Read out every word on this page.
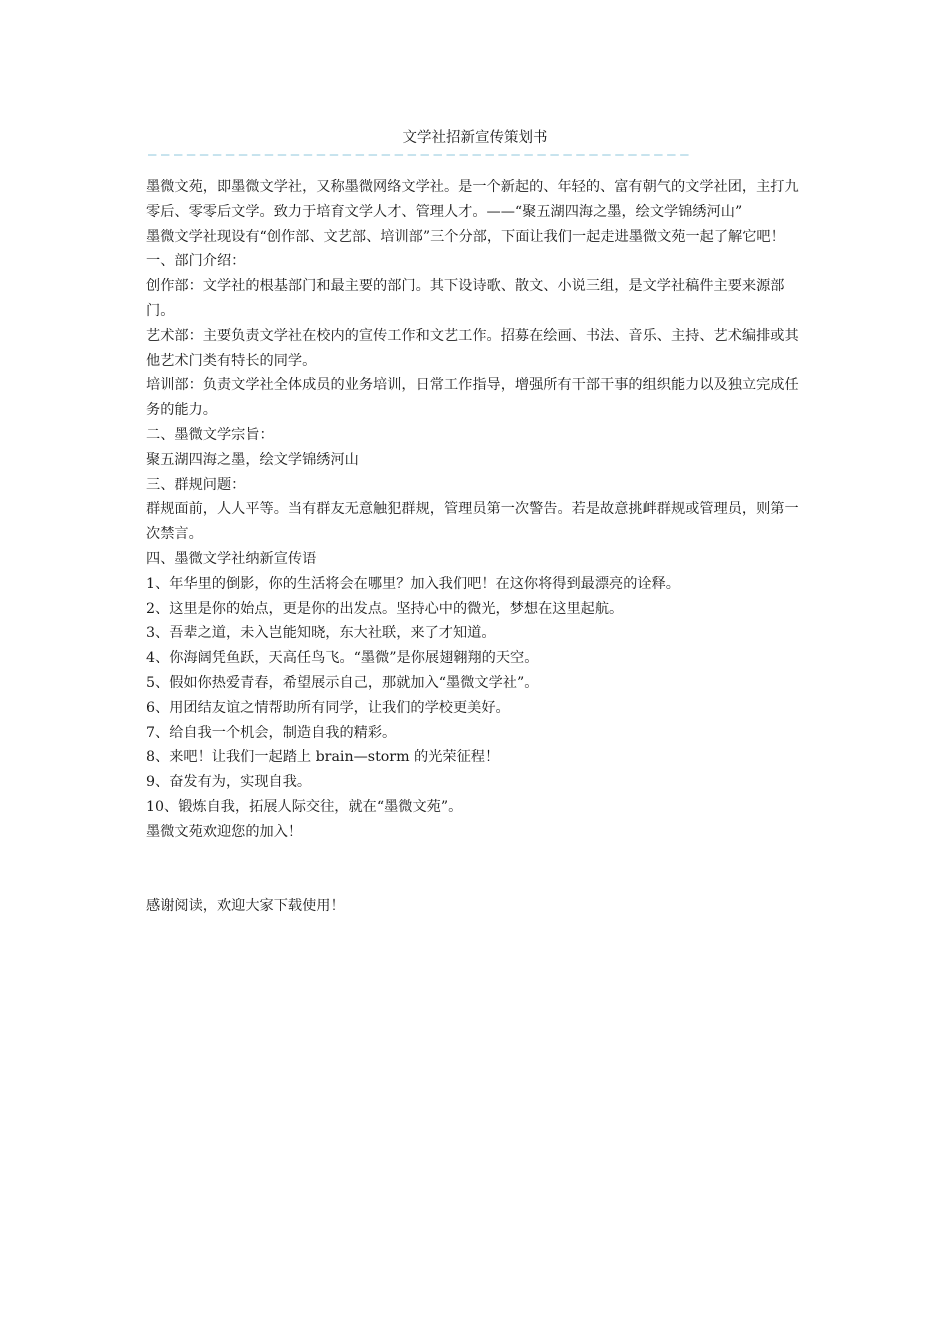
文学社招新宣传策划书
——————————————————————————————————————————

墨微文苑，即墨微文学社，又称墨微网络文学社。是一个新起的、年轻的、富有朝气的文学社团，主打九零后、零零后文学。致力于培育文学人才、管理人才。——“聚五湖四海之墨，绘文学锦绣河山”

墨微文学社现设有“创作部、文艺部、培训部”三个分部，下面让我们一起走进墨微文苑一起了解它吧！

一、部门介绍：

创作部：文学社的根基部门和最主要的部门。其下设诗歌、散文、小说三组，是文学社稿件主要来源部门。

艺术部：主要负责文学社在校内的宣传工作和文艺工作。招募在绘画、书法、音乐、主持、艺术编排或其他艺术门类有特长的同学。

培训部：负责文学社全体成员的业务培训，日常工作指导，增强所有干部干事的组织能力以及独立完成任务的能力。

二、墨微文学宗旨：

聚五湖四海之墨，绘文学锦绣河山

三、群规问题：

群规面前，人人平等。当有群友无意触犯群规，管理员第一次警告。若是故意挑衅群规或管理员，则第一次禁言。

四、墨微文学社纳新宣传语

1、年华里的倒影，你的生活将会在哪里？加入我们吧！在这你将得到最漂亮的诠释。

2、这里是你的始点，更是你的出发点。坚持心中的微光，梦想在这里起航。

3、吾辈之道，未入岂能知晓，东大社联，来了才知道。

4、你海阔凭鱼跃，天高任鸟飞。“墨微”是你展翅翱翔的天空。

5、假如你热爱青春，希望展示自己，那就加入“墨微文学社”。

6、用团结友谊之情帮助所有同学，让我们的学校更美好。

7、给自我一个机会，制造自我的精彩。

8、来吧！让我们一起踏上 brain—storm 的光荣征程！

9、奋发有为，实现自我。

10、锻炼自我，拓展人际交往，就在“墨微文苑”。

墨微文苑欢迎您的加入！

感谢阅读，欢迎大家下载使用！
